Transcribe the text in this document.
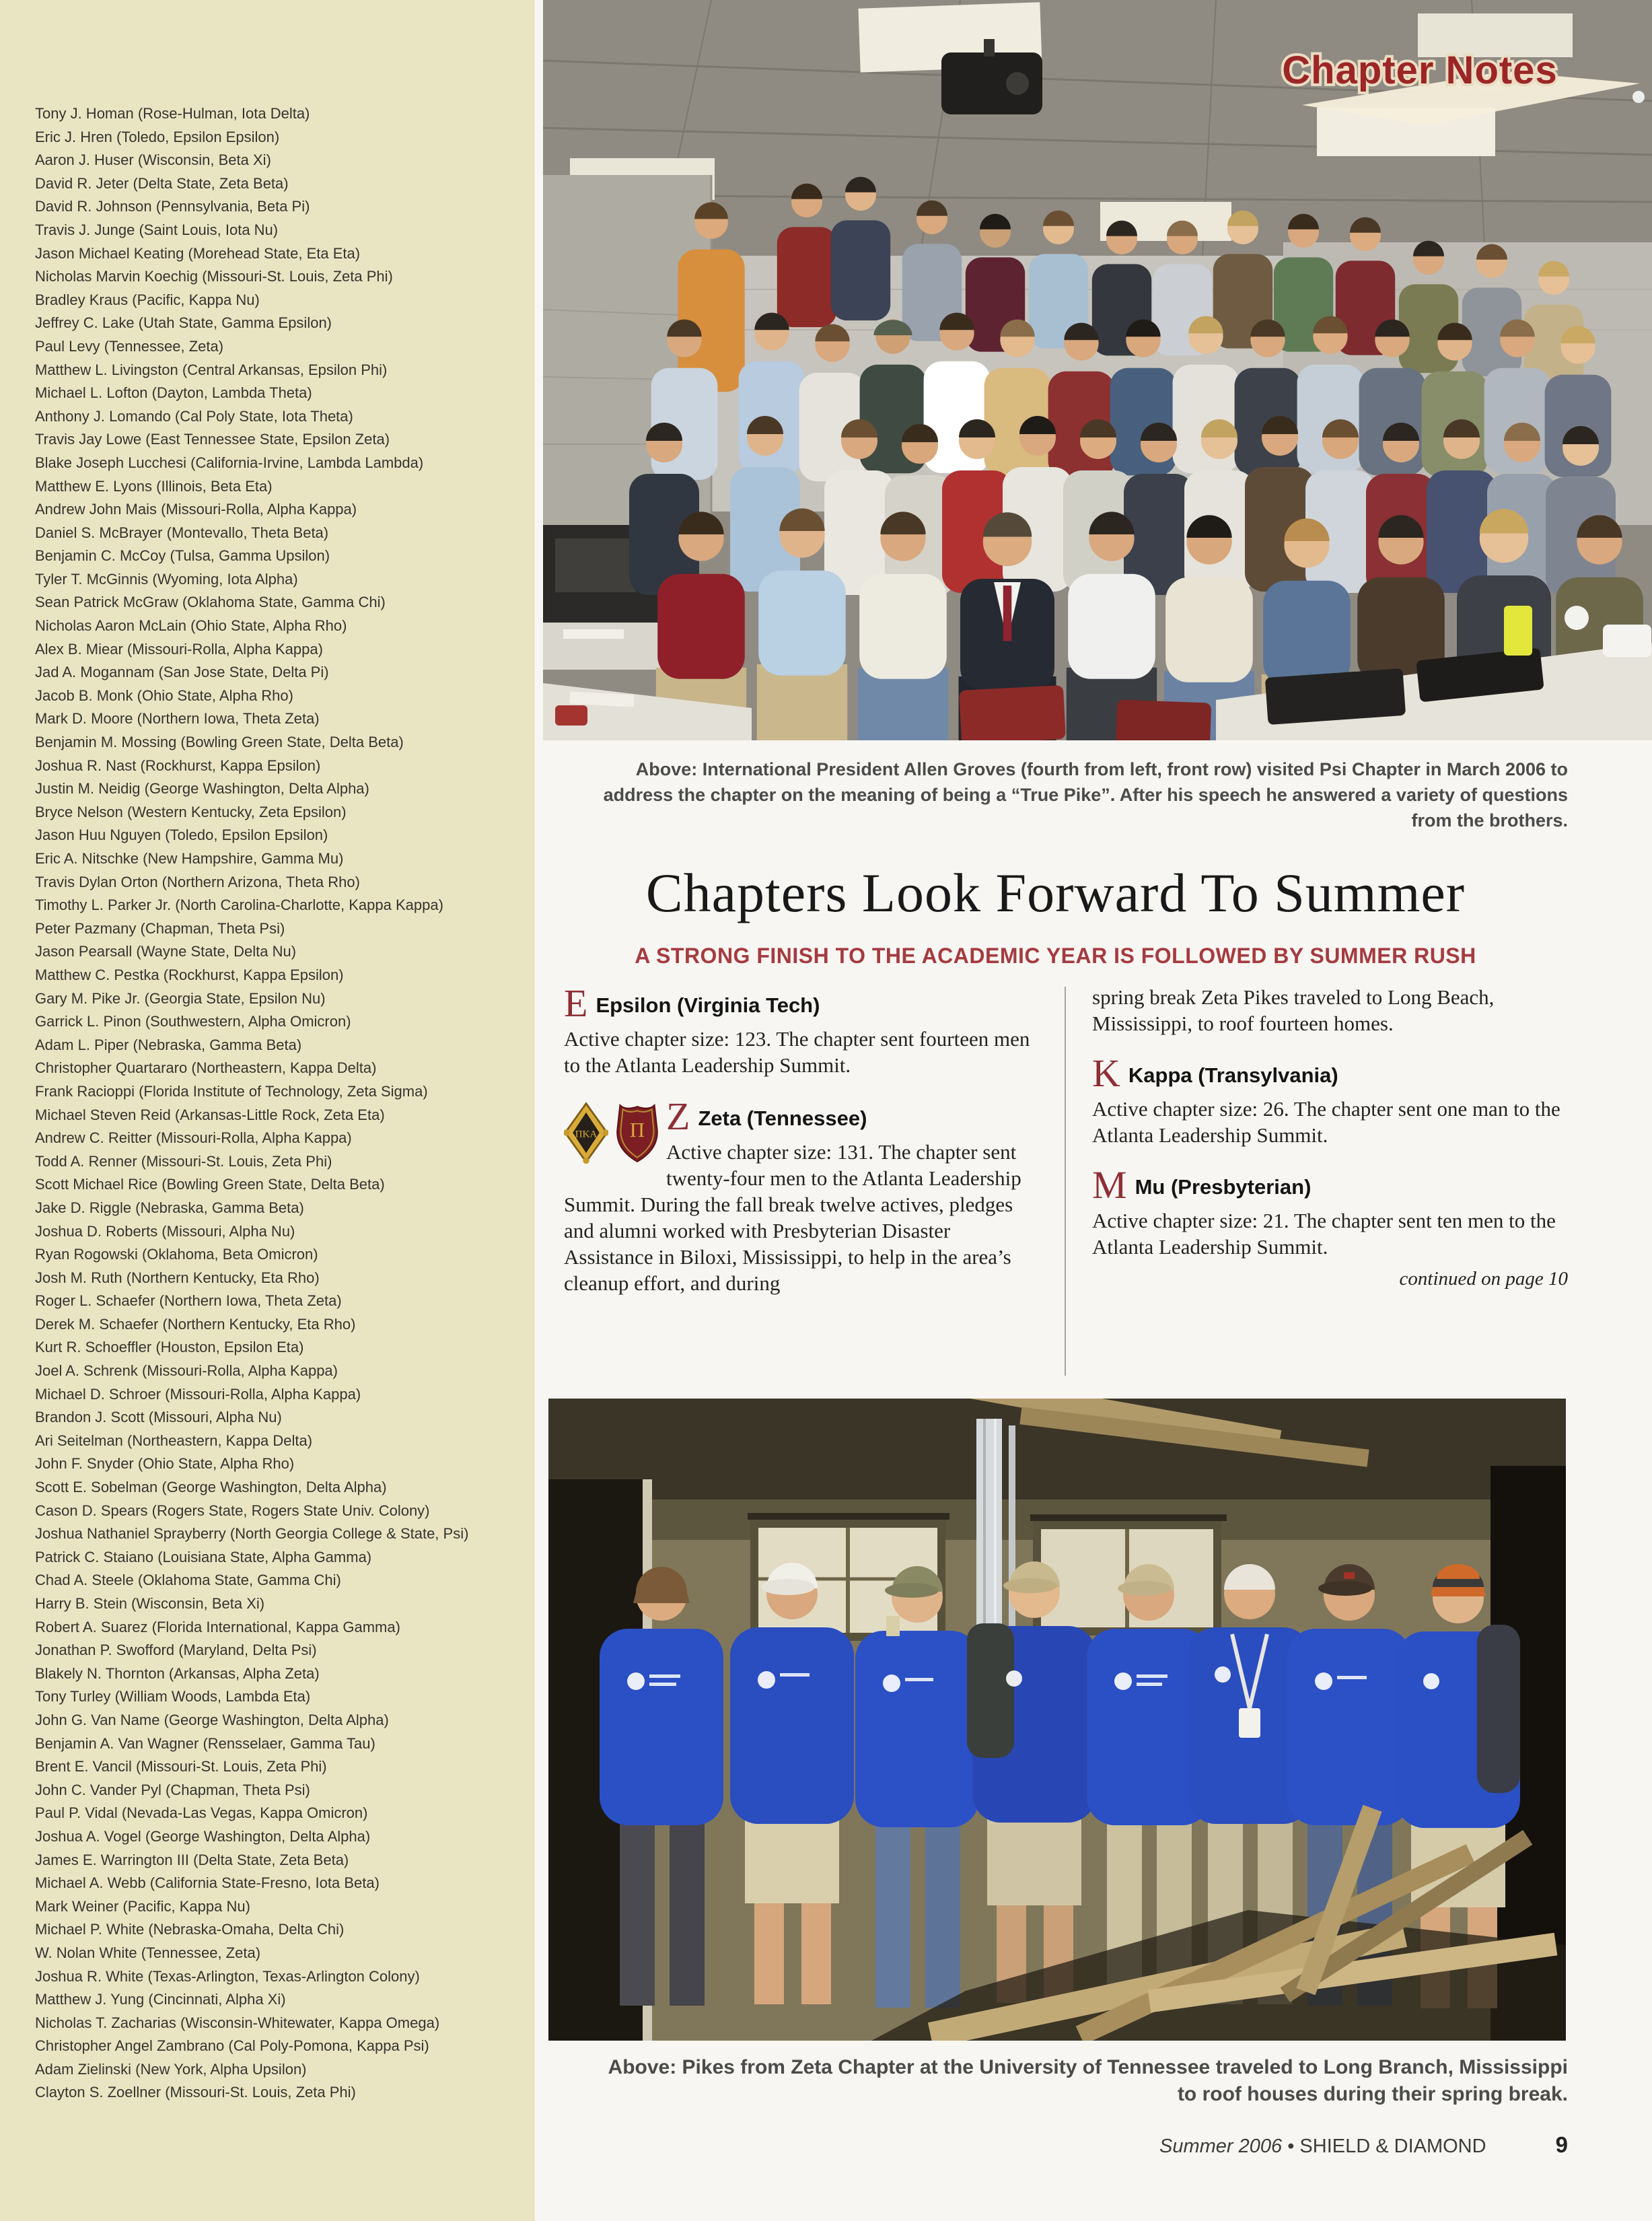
Tony J. Homan (Rose-Hulman, Iota Delta)
Eric J. Hren (Toledo, Epsilon Epsilon)
Aaron J. Huser (Wisconsin, Beta Xi)
David R. Jeter (Delta State, Zeta Beta)
David R. Johnson (Pennsylvania, Beta Pi)
Travis J. Junge (Saint Louis, Iota Nu)
Jason Michael Keating (Morehead State, Eta Eta)
Nicholas Marvin Koechig (Missouri-St. Louis, Zeta Phi)
Bradley Kraus (Pacific, Kappa Nu)
Jeffrey C. Lake (Utah State, Gamma Epsilon)
Paul Levy (Tennessee, Zeta)
Matthew L. Livingston (Central Arkansas, Epsilon Phi)
Michael L. Lofton (Dayton, Lambda Theta)
Anthony J. Lomando (Cal Poly State, Iota Theta)
Travis Jay Lowe (East Tennessee State, Epsilon Zeta)
Blake Joseph Lucchesi (California-Irvine, Lambda Lambda)
Matthew E. Lyons (Illinois, Beta Eta)
Andrew John Mais (Missouri-Rolla, Alpha Kappa)
Daniel S. McBrayer (Montevallo, Theta Beta)
Benjamin C. McCoy (Tulsa, Gamma Upsilon)
Tyler T. McGinnis (Wyoming, Iota Alpha)
Sean Patrick McGraw (Oklahoma State, Gamma Chi)
Nicholas Aaron McLain (Ohio State, Alpha Rho)
Alex B. Miear (Missouri-Rolla, Alpha Kappa)
Jad A. Mogannam (San Jose State, Delta Pi)
Jacob B. Monk (Ohio State, Alpha Rho)
Mark D. Moore (Northern Iowa, Theta Zeta)
Benjamin M. Mossing (Bowling Green State, Delta Beta)
Joshua R. Nast (Rockhurst, Kappa Epsilon)
Justin M. Neidig (George Washington, Delta Alpha)
Bryce Nelson (Western Kentucky, Zeta Epsilon)
Jason Huu Nguyen (Toledo, Epsilon Epsilon)
Eric A. Nitschke (New Hampshire, Gamma Mu)
Travis Dylan Orton (Northern Arizona, Theta Rho)
Timothy L. Parker Jr. (North Carolina-Charlotte, Kappa Kappa)
Peter Pazmany (Chapman, Theta Psi)
Jason Pearsall (Wayne State, Delta Nu)
Matthew C. Pestka (Rockhurst, Kappa Epsilon)
Gary M. Pike Jr. (Georgia State, Epsilon Nu)
Garrick L. Pinon (Southwestern, Alpha Omicron)
Adam L. Piper (Nebraska, Gamma Beta)
Christopher Quartararo (Northeastern, Kappa Delta)
Frank Racioppi (Florida Institute of Technology, Zeta Sigma)
Michael Steven Reid (Arkansas-Little Rock, Zeta Eta)
Andrew C. Reitter (Missouri-Rolla, Alpha Kappa)
Todd A. Renner (Missouri-St. Louis, Zeta Phi)
Scott Michael Rice (Bowling Green State, Delta Beta)
Jake D. Riggle (Nebraska, Gamma Beta)
Joshua D. Roberts (Missouri, Alpha Nu)
Ryan Rogowski (Oklahoma, Beta Omicron)
Josh M. Ruth (Northern Kentucky, Eta Rho)
Roger L. Schaefer (Northern Iowa, Theta Zeta)
Derek M. Schaefer (Northern Kentucky, Eta Rho)
Kurt R. Schoeffler (Houston, Epsilon Eta)
Joel A. Schrenk (Missouri-Rolla, Alpha Kappa)
Michael D. Schroer (Missouri-Rolla, Alpha Kappa)
Brandon J. Scott (Missouri, Alpha Nu)
Ari Seitelman (Northeastern, Kappa Delta)
John F. Snyder (Ohio State, Alpha Rho)
Scott E. Sobelman (George Washington, Delta Alpha)
Cason D. Spears (Rogers State, Rogers State Univ. Colony)
Joshua Nathaniel Sprayberry (North Georgia College & State, Psi)
Patrick C. Staiano (Louisiana State, Alpha Gamma)
Chad A. Steele (Oklahoma State, Gamma Chi)
Harry B. Stein (Wisconsin, Beta Xi)
Robert A. Suarez (Florida International, Kappa Gamma)
Jonathan P. Swofford (Maryland, Delta Psi)
Blakely N. Thornton (Arkansas, Alpha Zeta)
Tony Turley (William Woods, Lambda Eta)
John G. Van Name (George Washington, Delta Alpha)
Benjamin A. Van Wagner (Rensselaer, Gamma Tau)
Brent E. Vancil (Missouri-St. Louis, Zeta Phi)
John C. Vander Pyl (Chapman, Theta Psi)
Paul P. Vidal (Nevada-Las Vegas, Kappa Omicron)
Joshua A. Vogel (George Washington, Delta Alpha)
James E. Warrington III (Delta State, Zeta Beta)
Michael A. Webb (California State-Fresno, Iota Beta)
Mark Weiner (Pacific, Kappa Nu)
Michael P. White (Nebraska-Omaha, Delta Chi)
W. Nolan White (Tennessee, Zeta)
Joshua R. White (Texas-Arlington, Texas-Arlington Colony)
Matthew J. Yung (Cincinnati, Alpha Xi)
Nicholas T. Zacharias (Wisconsin-Whitewater, Kappa Omega)
Christopher Angel Zambrano (Cal Poly-Pomona, Kappa Psi)
Adam Zielinski (New York, Alpha Upsilon)
Clayton S. Zoellner (Missouri-St. Louis, Zeta Phi)
Chapter Notes
Above: International President Allen Groves (fourth from left, front row) visited Psi Chapter in March 2006 to address the chapter on the meaning of being a “True Pike”. After his speech he answered a variety of questions from the brothers.
Chapters Look Forward To Summer
A STRONG FINISH TO THE ACADEMIC YEAR IS FOLLOWED BY SUMMER RUSH
E Epsilon (Virginia Tech)

Active chapter size: 123. The chapter sent fourteen men to the Atlanta Leadership Summit.

ΠKA Π Z Zeta (Tennessee)

Active chapter size: 131. The chapter sent twenty-four men to the Atlanta Leadership Summit. During the fall break twelve actives, pledges and alumni worked with Presbyterian Disaster Assistance in Biloxi, Mississippi, to help in the area’s cleanup effort, and during

spring break Zeta Pikes traveled to Long Beach, Mississippi, to roof fourteen homes.

K Kappa (Transylvania)

Active chapter size: 26. The chapter sent one man to the Atlanta Leadership Summit.

M Mu (Presbyterian)

Active chapter size: 21. The chapter sent ten men to the Atlanta Leadership Summit.

continued on page 10
Above: Pikes from Zeta Chapter at the University of Tennessee traveled to Long Branch, Mississippi to roof houses during their spring break.
Summer 2006 • SHIELD & DIAMOND	9
